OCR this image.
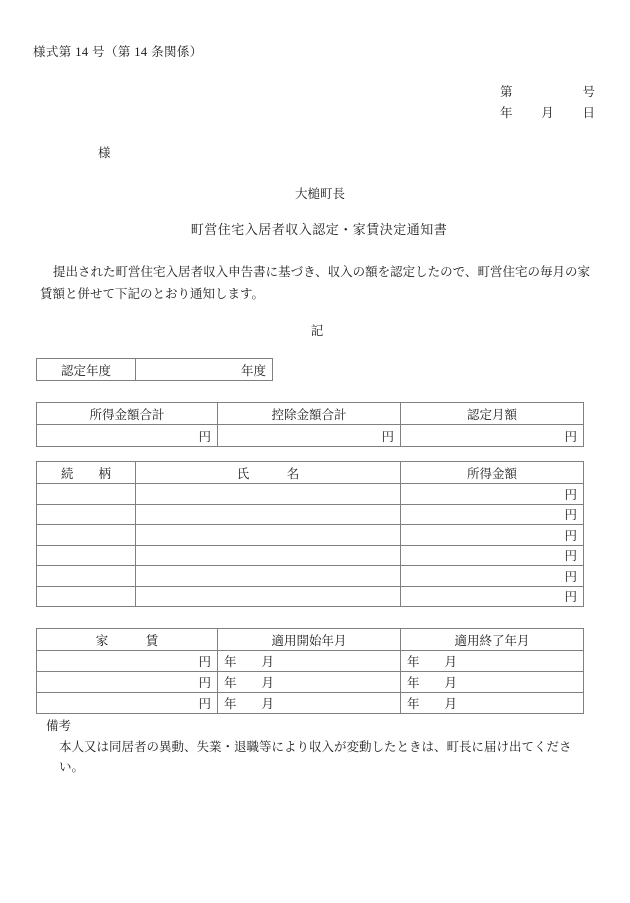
様式第 14 号（第 14 条関係）
第	号
年 月 日
様
大槌町長
町営住宅入居者収入認定・家賃決定通知書
提出された町営住宅入居者収入申告書に基づき、収入の額を認定したので、町営住宅の毎月の家賃額と併せて下記のとおり通知します。
記
認定年度	年度
所得金額合計	控除金額合計	認定月額
円	円	円
続　　柄	氏　　　名	所得金額
		円
		円
		円
		円
		円
		円
家　　　賃	適用開始年月	適用終了年月
円	年　　月	年　　月
円	年　　月	年　　月
円	年　　月	年　　月
備考
本人又は同居者の異動、失業・退職等により収入が変動したときは、町長に届け出てください。
